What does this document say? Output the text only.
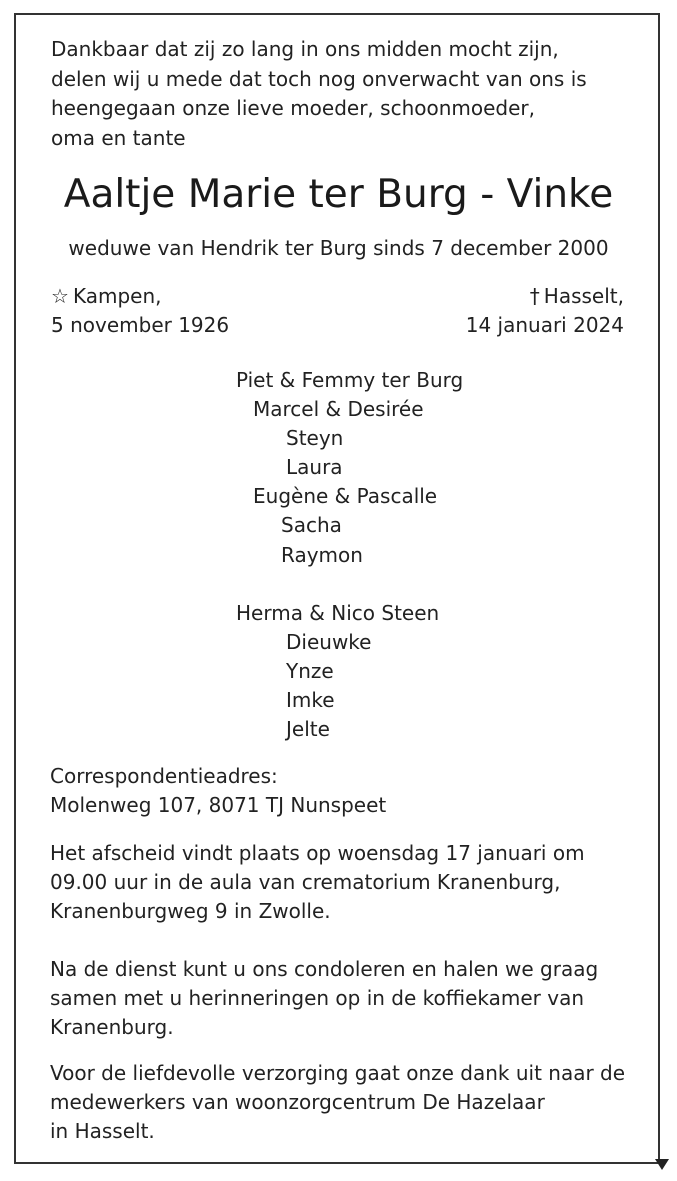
Dankbaar dat zij zo lang in ons midden mocht zijn,
delen wij u mede dat toch nog onverwacht van ons is
heengegaan onze lieve moeder, schoonmoeder,
oma en tante
Aaltje Marie ter Burg - Vinke
weduwe van Hendrik ter Burg sinds 7 december 2000
☆ Kampen,
5 november 1926
† Hasselt,
14 januari 2024
Piet & Femmy ter Burg
Marcel & Desirée
Steyn
Laura
Eugène & Pascalle
Sacha
Raymon
Herma & Nico Steen
Dieuwke
Ynze
Imke
Jelte
Correspondentieadres:
Molenweg 107, 8071 TJ Nunspeet
Het afscheid vindt plaats op woensdag 17 januari om
09.00 uur in de aula van crematorium Kranenburg,
Kranenburgweg 9 in Zwolle.
Na de dienst kunt u ons condoleren en halen we graag
samen met u herinneringen op in de koffiekamer van
Kranenburg.
Voor de liefdevolle verzorging gaat onze dank uit naar de
medewerkers van woonzorgcentrum De Hazelaar
in Hasselt.
